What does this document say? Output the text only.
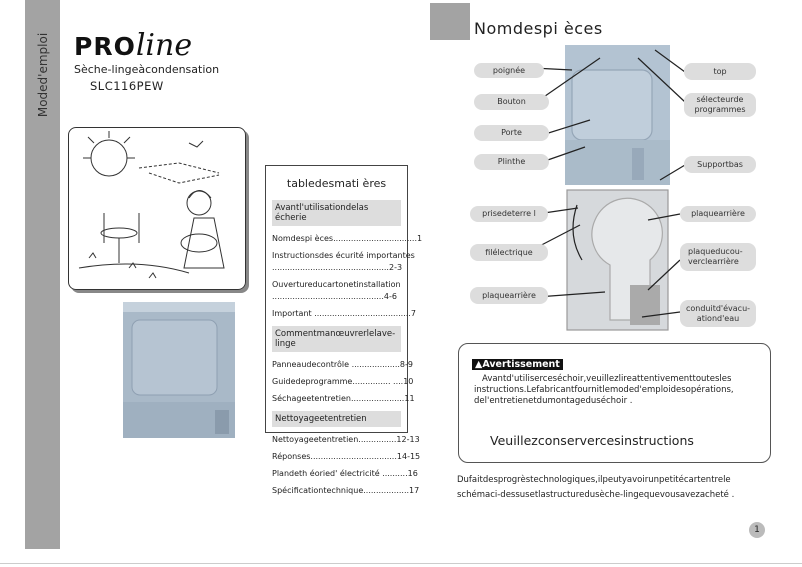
Moded'emploi PROline
Sèche-lingeàcondensation
SLC116PEW
tabledesmati ères
Avantl'utilisationdelas écherie
Nomdespi èces.................................1
Instructionsdes écurité importantes
..............................................2-3
Ouvertureducartonetinstallation
............................................4-6
Important ......................................7
Commentmanœuvrerlelave-linge
Panneaudecontrôle ...................8-9
Guidedeprogramme............... ....10
Séchageetentretien.....................11
Nettoyageetentretien
Nettoyageetentretien...............12-13
Réponses..................................14-15
Plandeth éoried' électricité ..........16
Spécificationtechnique..................17
Nomdespi èces
poignée
Bouton
Porte
Plinthe
top
sélecteurde programmes
Supportbas
prisedeterre l
filélectrique
plaquearrière
plaquearrière
plaqueducou- verclearrière
conduitd'évacu- ationd'eau
▲Avertissement
Avantd'utiliserceséchoir,veuillezlireattentivementtoutesles instructions.Lefabricantfournitlemoded'emploidesopérations, del'entretienetdumontageduséchoir .
Veuillezconservercesinstructions
Dufaitdesprogrèstechnologiques,ilpeutyavoirunpetitécartentrele
schémaci-dessusetlastructuredusèche-lingequevousavezacheté .
1
